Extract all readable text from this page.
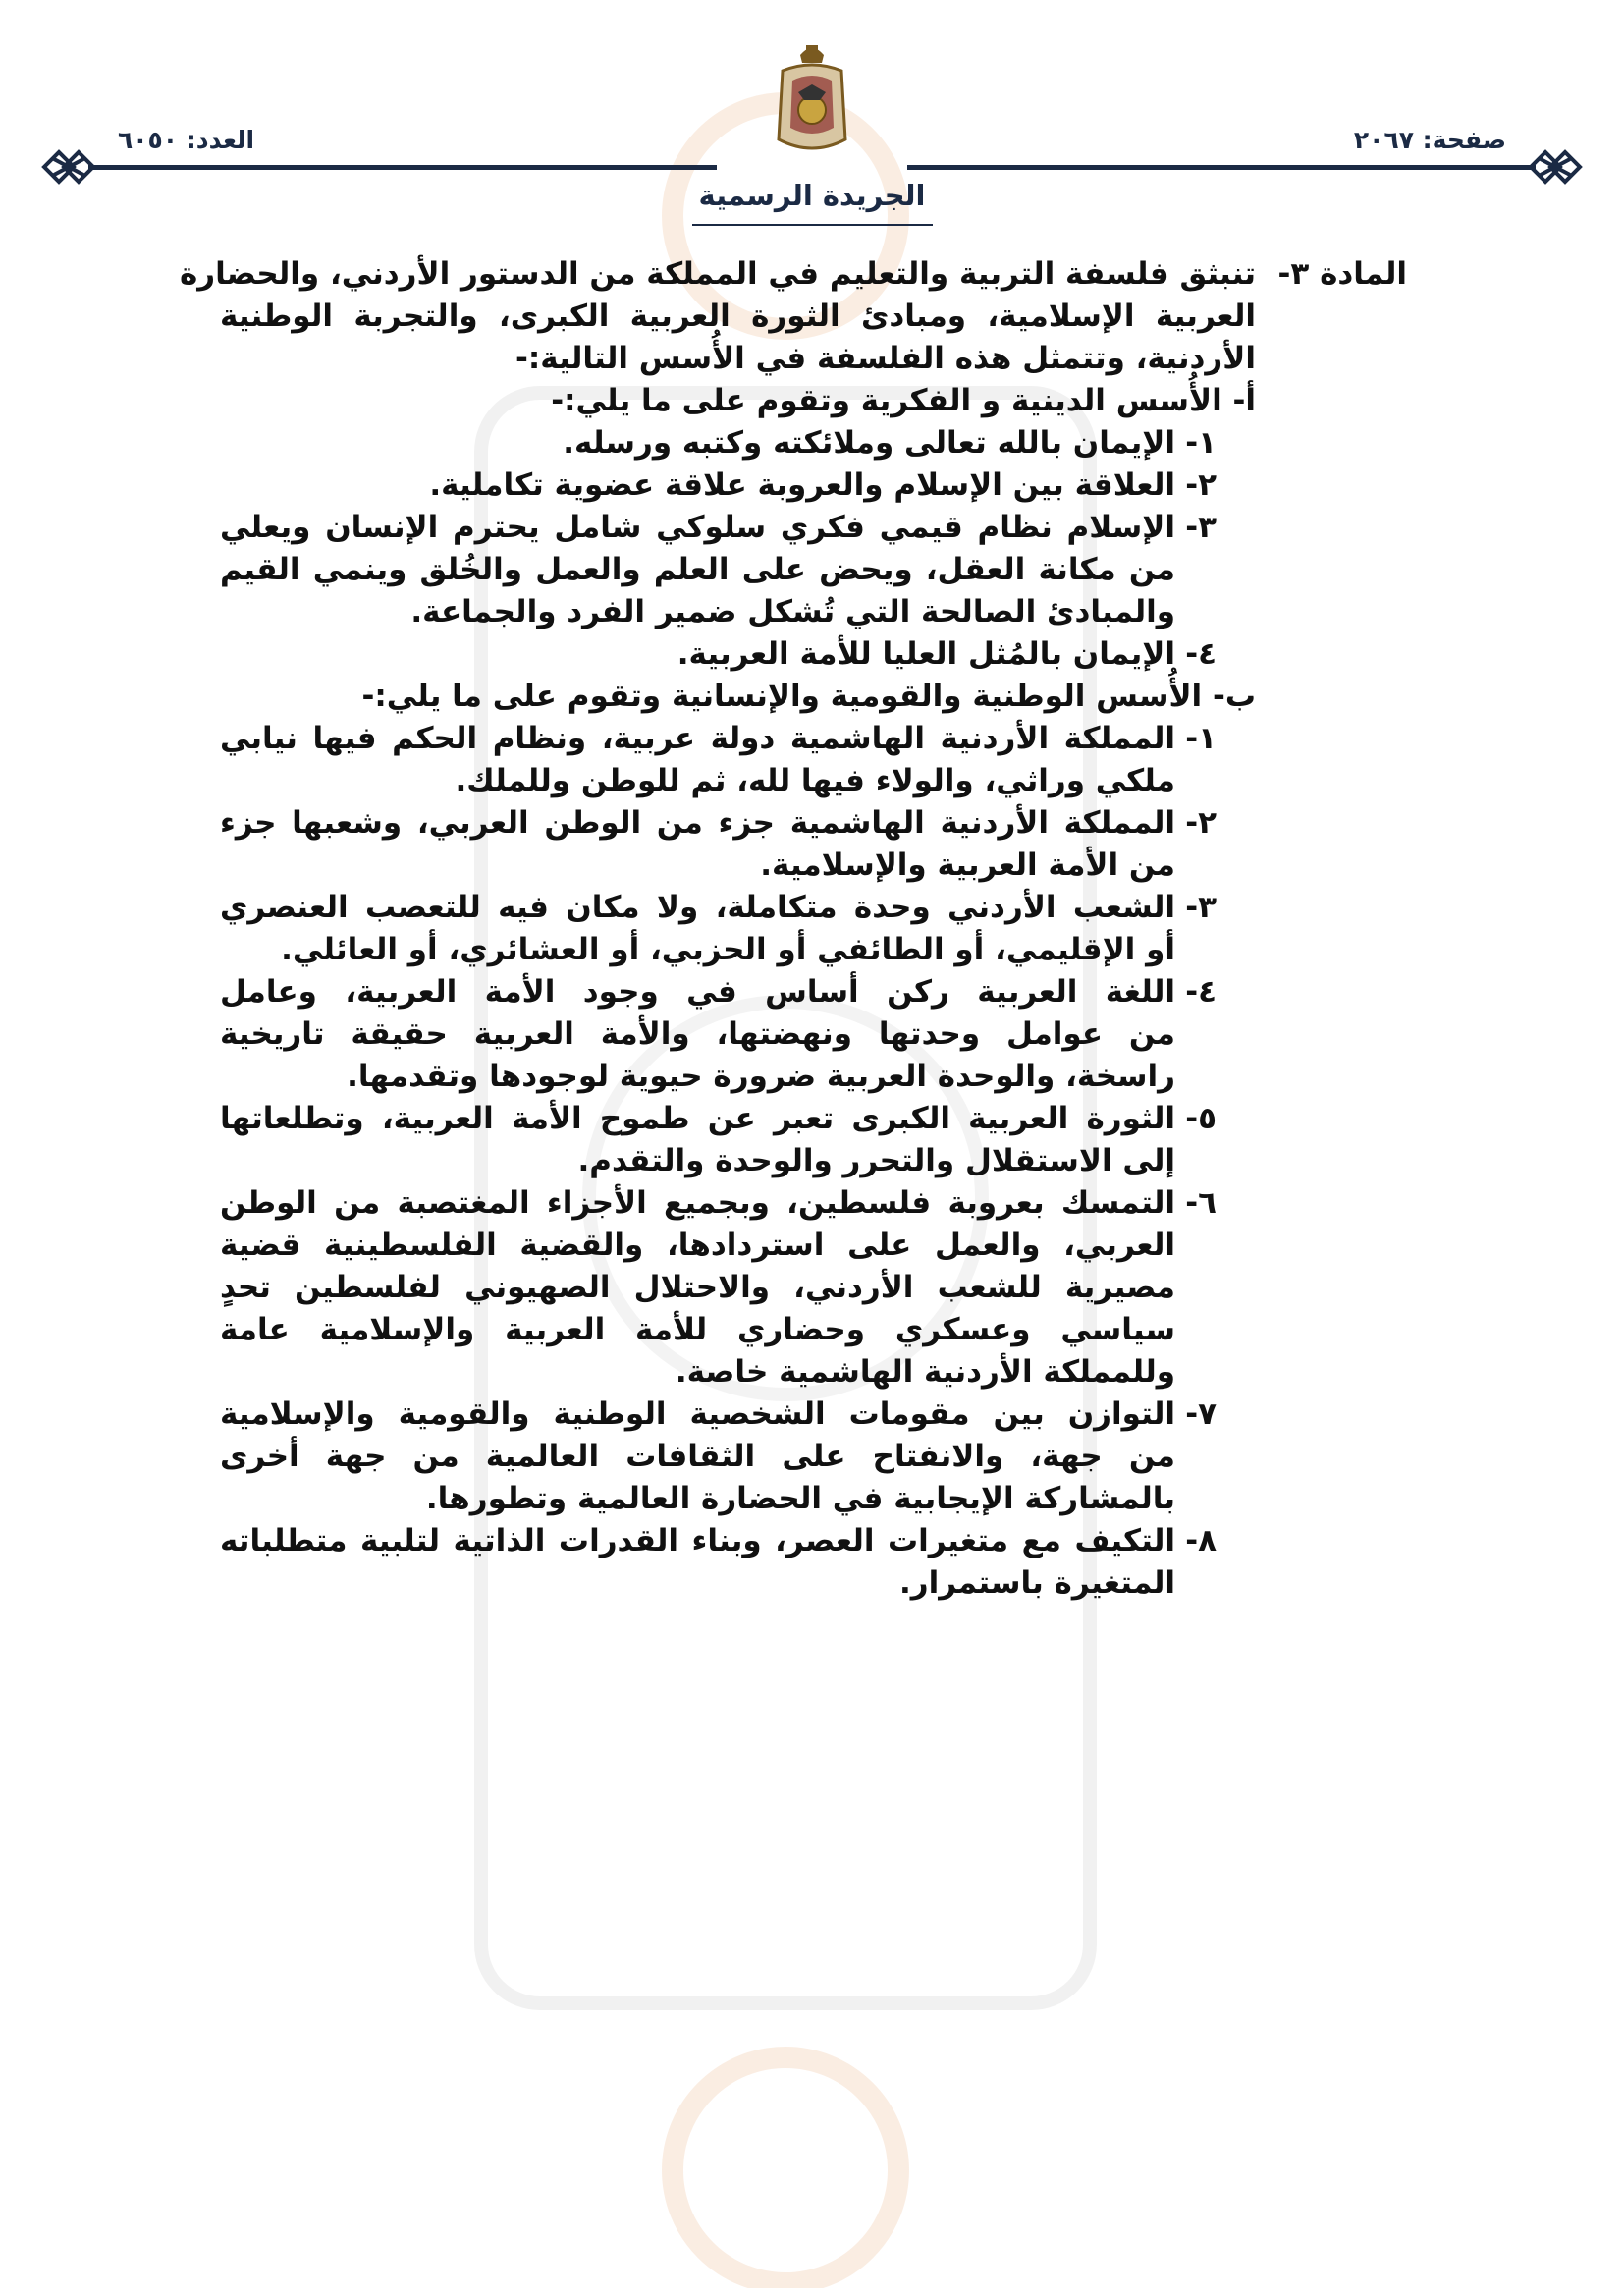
صفحة: ٢٠٦٧
العدد: ٦٠٥٠
الجريدة الرسمية
المادة ٣-
تنبثق فلسفة التربية والتعليم في المملكة من الدستور الأردني، والحضارة
العربية الإسلامية، ومبادئ الثورة العربية الكبرى، والتجربة الوطنية
الأردنية، وتتمثل هذه الفلسفة في الأُسس التالية:-
أ- الأُسس الدينية و الفكرية وتقوم على ما يلي:-
١-
الإيمان بالله تعالى وملائكته وكتبه ورسله.
٢-
العلاقة بين الإسلام والعروبة علاقة عضوية تكاملية.
٣-
الإسلام نظام قيمي فكري سلوكي شامل يحترم الإنسان ويعلي
من مكانة العقل، ويحض على العلم والعمل والخُلق وينمي القيم
والمبادئ الصالحة التي تُشكل ضمير الفرد والجماعة.
٤-
الإيمان بالمُثل العليا للأمة العربية.
ب- الأُسس الوطنية والقومية والإنسانية وتقوم على ما يلي:-
١-
المملكة الأردنية الهاشمية دولة عربية، ونظام الحكم فيها نيابي
ملكي وراثي، والولاء فيها لله، ثم للوطن وللملك.
٢-
المملكة الأردنية الهاشمية جزء من الوطن العربي، وشعبها جزء
من الأمة العربية والإسلامية.
٣-
الشعب الأردني وحدة متكاملة، ولا مكان فيه للتعصب العنصري
أو الإقليمي، أو الطائفي أو الحزبي، أو العشائري، أو العائلي.
٤-
اللغة العربية ركن أساس في وجود الأمة العربية، وعامل
من عوامل وحدتها ونهضتها، والأمة العربية حقيقة تاريخية
راسخة، والوحدة العربية ضرورة حيوية لوجودها وتقدمها.
٥-
الثورة العربية الكبرى تعبر عن طموح الأمة العربية، وتطلعاتها
إلى الاستقلال والتحرر والوحدة والتقدم.
٦-
التمسك بعروبة فلسطين، وبجميع الأجزاء المغتصبة من الوطن
العربي، والعمل على استردادها، والقضية الفلسطينية قضية
مصيرية للشعب الأردني، والاحتلال الصهيوني لفلسطين تحدٍ
سياسي وعسكري وحضاري للأمة العربية والإسلامية عامة
وللمملكة الأردنية الهاشمية خاصة.
٧-
التوازن بين مقومات الشخصية الوطنية والقومية والإسلامية
من جهة، والانفتاح على الثقافات العالمية من جهة أخرى
بالمشاركة الإيجابية في الحضارة العالمية وتطورها.
٨-
التكيف مع متغيرات العصر، وبناء القدرات الذاتية لتلبية متطلباته
المتغيرة باستمرار.
